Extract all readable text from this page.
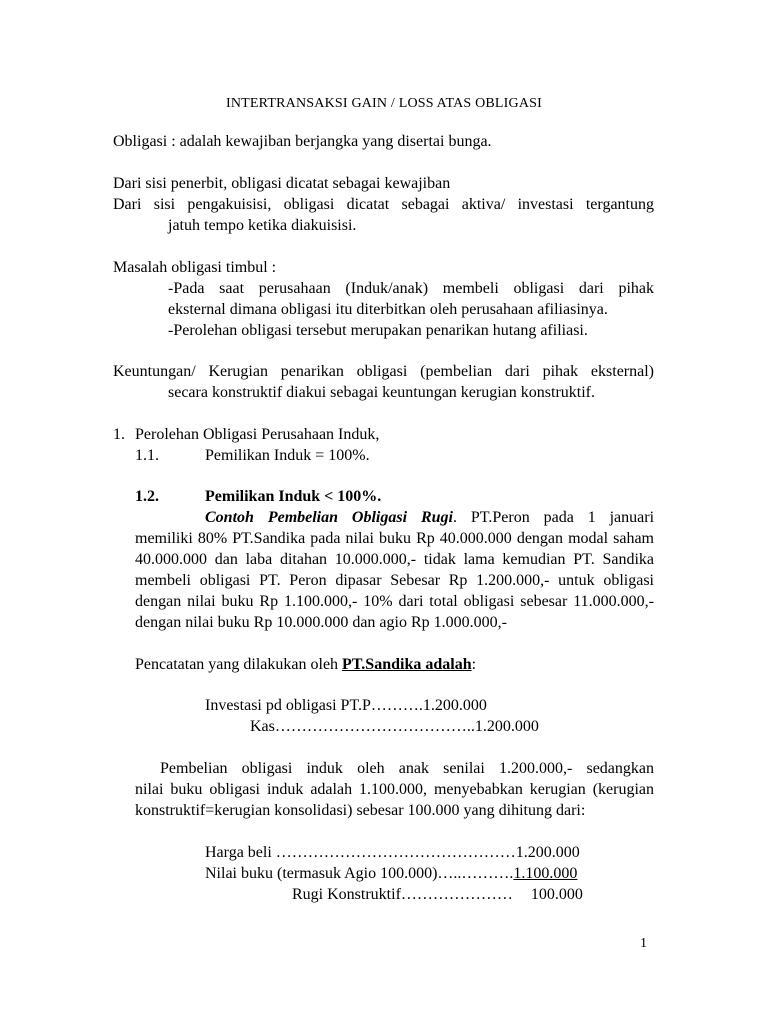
INTERTRANSAKSI GAIN / LOSS ATAS OBLIGASI
Obligasi : adalah kewajiban berjangka yang disertai bunga.
Dari sisi penerbit, obligasi dicatat sebagai kewajiban
Dari sisi pengakuisisi, obligasi dicatat sebagai aktiva/ investasi tergantung
jatuh tempo ketika diakuisisi.
Masalah obligasi timbul :
-Pada saat perusahaan (Induk/anak) membeli obligasi dari pihak
eksternal dimana obligasi itu diterbitkan oleh perusahaan afiliasinya.
-Perolehan obligasi tersebut merupakan penarikan hutang afiliasi.
Keuntungan/ Kerugian penarikan obligasi (pembelian dari pihak eksternal)
secara konstruktif diakui sebagai keuntungan kerugian konstruktif.
1. Perolehan Obligasi Perusahaan Induk,
1.1.	Pemilikan Induk = 100%.
1.2.	Pemilikan Induk < 100%.
Contoh Pembelian Obligasi Rugi. PT.Peron pada 1 januari
memiliki 80% PT.Sandika pada nilai buku Rp 40.000.000 dengan modal saham 40.000.000 dan laba ditahan 10.000.000,- tidak lama kemudian PT. Sandika membeli obligasi PT. Peron dipasar Sebesar Rp 1.200.000,- untuk obligasi dengan nilai buku Rp 1.100.000,- 10% dari total obligasi sebesar 11.000.000,- dengan nilai buku Rp 10.000.000 dan agio Rp 1.000.000,-
Pencatatan yang dilakukan oleh PT.Sandika adalah:
Investasi pd obligasi PT.P……….1.200.000
Kas………………………………..1.200.000
Pembelian obligasi induk oleh anak senilai 1.200.000,- sedangkan
nilai buku obligasi induk adalah 1.100.000, menyebabkan kerugian (kerugian konstruktif=kerugian konsolidasi) sebesar 100.000 yang dihitung dari:
Harga beli ………………………………………1.200.000
Nilai buku (termasuk Agio 100.000)…..……….1.100.000
Rugi Konstruktif………………… 100.000
1
